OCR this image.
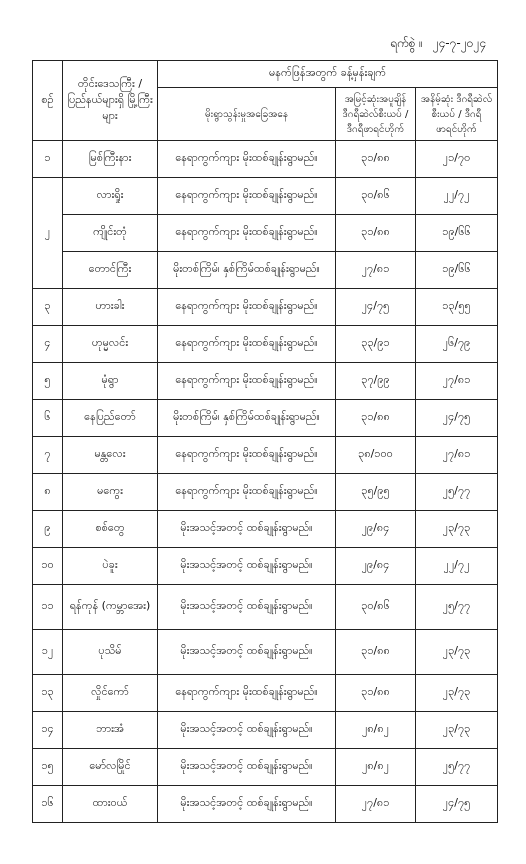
ရက်စွဲ ။ ၂၄-၇-၂၀၂၄
စဉ်	တိုင်းဒေသကြီး / ပြည်နယ်များရှိ မြို့ကြီးများ	မနက်ဖြန်အတွက် ခန့်မှန်းချက်		
		မိုးရွာသွန်းမှုအခြေအနေ	အမြင့်ဆုံးအပူချိန် ဒီဂရီဆဲလ်စီးယပ် /ဒီဂရီဖာရင်ဟိုက်	အနိမ့်ဆုံး ဒီဂရီဆဲလ်စီးယပ် / ဒီဂရီဖာရင်ဟိုက်
၁	မြစ်ကြီးနား	နေရာကွက်ကျား မိုးထစ်ချုန်းရွာမည်။	၃၁/၈၈	၂၁/၇၀
၂	လားရှိုး	နေရာကွက်ကျား မိုးထစ်ချုန်းရွာမည်။	၃၀/၈၆	၂၂/၇၂
	ကျိုင်းတုံ	နေရာကွက်ကျား မိုးထစ်ချုန်းရွာမည်။	၃၁/၈၈	၁၉/၆၆
	တောင်ကြီး	မိုးတစ်ကြိမ်၊ နှစ်ကြိမ်ထစ်ချုန်းရွာမည်။	၂၇/၈၁	၁၉/၆၆
၃	ဟားခါး	နေရာကွက်ကျား မိုးထစ်ချုန်းရွာမည်။	၂၄/၇၅	၁၃/၅၅
၄	ဟုမ္မလင်း	နေရာကွက်ကျား မိုးထစ်ချုန်းရွာမည်။	၃၃/၉၁	၂၆/၇၉
၅	မုံရွာ	နေရာကွက်ကျား မိုးထစ်ချုန်းရွာမည်။	၃၇/၉၉	၂၇/၈၁
၆	နေပြည်တော်	မိုးတစ်ကြိမ်၊ နှစ်ကြိမ်ထစ်ချုန်းရွာမည်။	၃၁/၈၈	၂၄/၇၅
၇	မန္တလေး	နေရာကွက်ကျား မိုးထစ်ချုန်းရွာမည်။	၃၈/၁၀၀	၂၇/၈၁
၈	မကွေး	နေရာကွက်ကျား မိုးထစ်ချုန်းရွာမည်။	၃၅/၉၅	၂၅/၇၇
၉	စစ်တွေ	မိုးအသင့်အတင့် ထစ်ချုန်းရွာမည်။	၂၉/၈၄	၂၃/၇၃
၁၀	ပဲခူး	မိုးအသင့်အတင့် ထစ်ချုန်းရွာမည်။	၂၉/၈၄	၂၂/၇၂
၁၁	ရန်ကုန် (ကမ္ဘာအေး)	မိုးအသင့်အတင့် ထစ်ချုန်းရွာမည်။	၃၀/၈၆	၂၅/၇၇
၁၂	ပုသိမ်	မိုးအသင့်အတင့် ထစ်ချုန်းရွာမည်။	၃၁/၈၈	၂၃/၇၃
၁၃	လှိုင်ကော်	နေရာကွက်ကျား မိုးထစ်ချုန်းရွာမည်။	၃၁/၈၈	၂၃/၇၃
၁၄	ဘားအံ	မိုးအသင့်အတင့် ထစ်ချုန်းရွာမည်။	၂၈/၈၂	၂၃/၇၃
၁၅	မော်လမြိုင်	မိုးအသင့်အတင့် ထစ်ချုန်းရွာမည်။	၂၈/၈၂	၂၅/၇၇
၁၆	ထားဝယ်	မိုးအသင့်အတင့် ထစ်ချုန်းရွာမည်။	၂၇/၈၁	၂၄/၇၅
